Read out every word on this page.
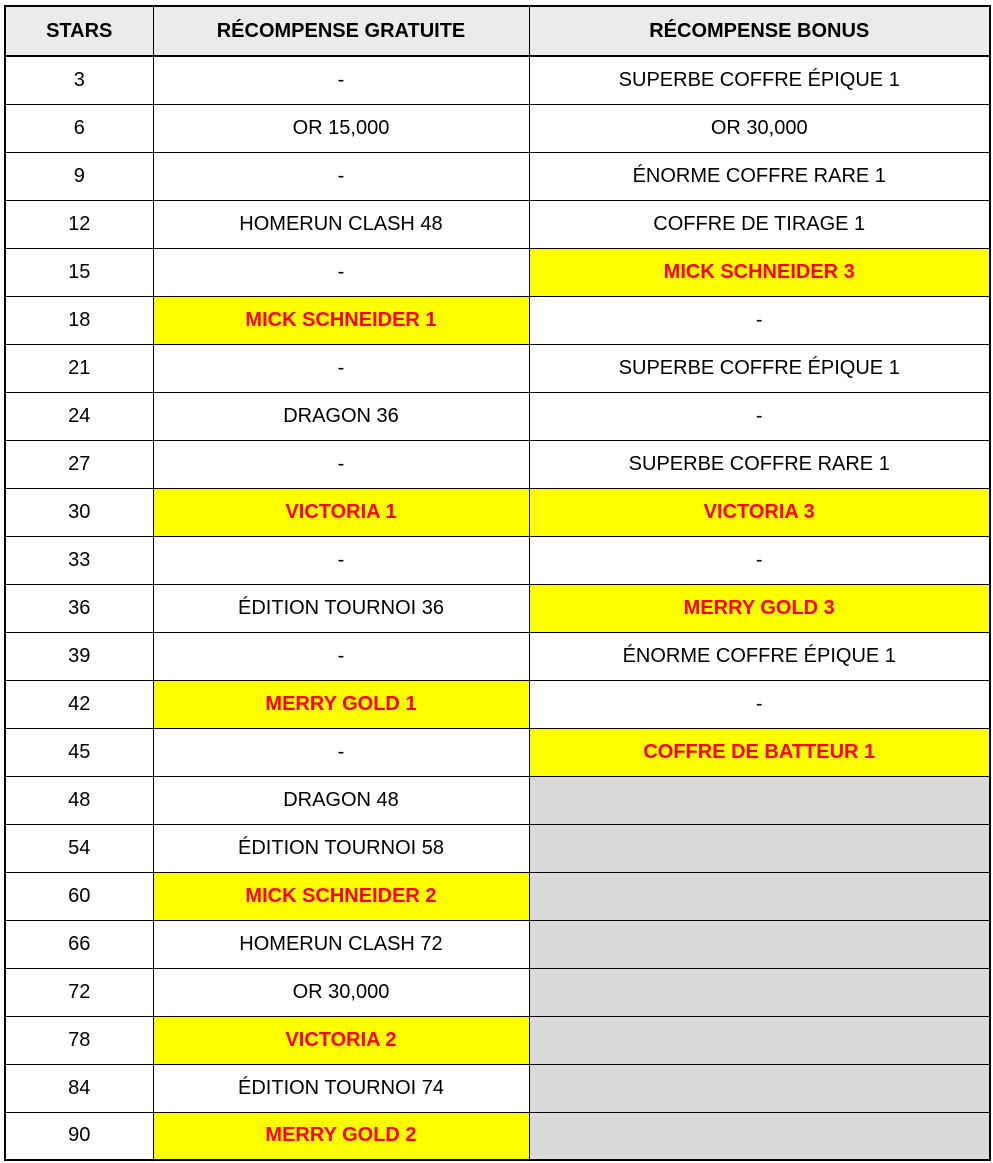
STARS	RÉCOMPENSE GRATUITE	RÉCOMPENSE BONUS
3	-	SUPERBE COFFRE ÉPIQUE 1
6	OR 15,000	OR 30,000
9	-	ÉNORME COFFRE RARE 1
12	HOMERUN CLASH 48	COFFRE DE TIRAGE 1
15	-	MICK SCHNEIDER 3
18	MICK SCHNEIDER 1	-
21	-	SUPERBE COFFRE ÉPIQUE 1
24	DRAGON 36	-
27	-	SUPERBE COFFRE RARE 1
30	VICTORIA 1	VICTORIA 3
33	-	-
36	ÉDITION TOURNOI 36	MERRY GOLD 3
39	-	ÉNORME COFFRE ÉPIQUE 1
42	MERRY GOLD 1	-
45	-	COFFRE DE BATTEUR 1
48	DRAGON 48	
54	ÉDITION TOURNOI 58	
60	MICK SCHNEIDER 2	
66	HOMERUN CLASH 72	
72	OR 30,000	
78	VICTORIA 2	
84	ÉDITION TOURNOI 74	
90	MERRY GOLD 2	
